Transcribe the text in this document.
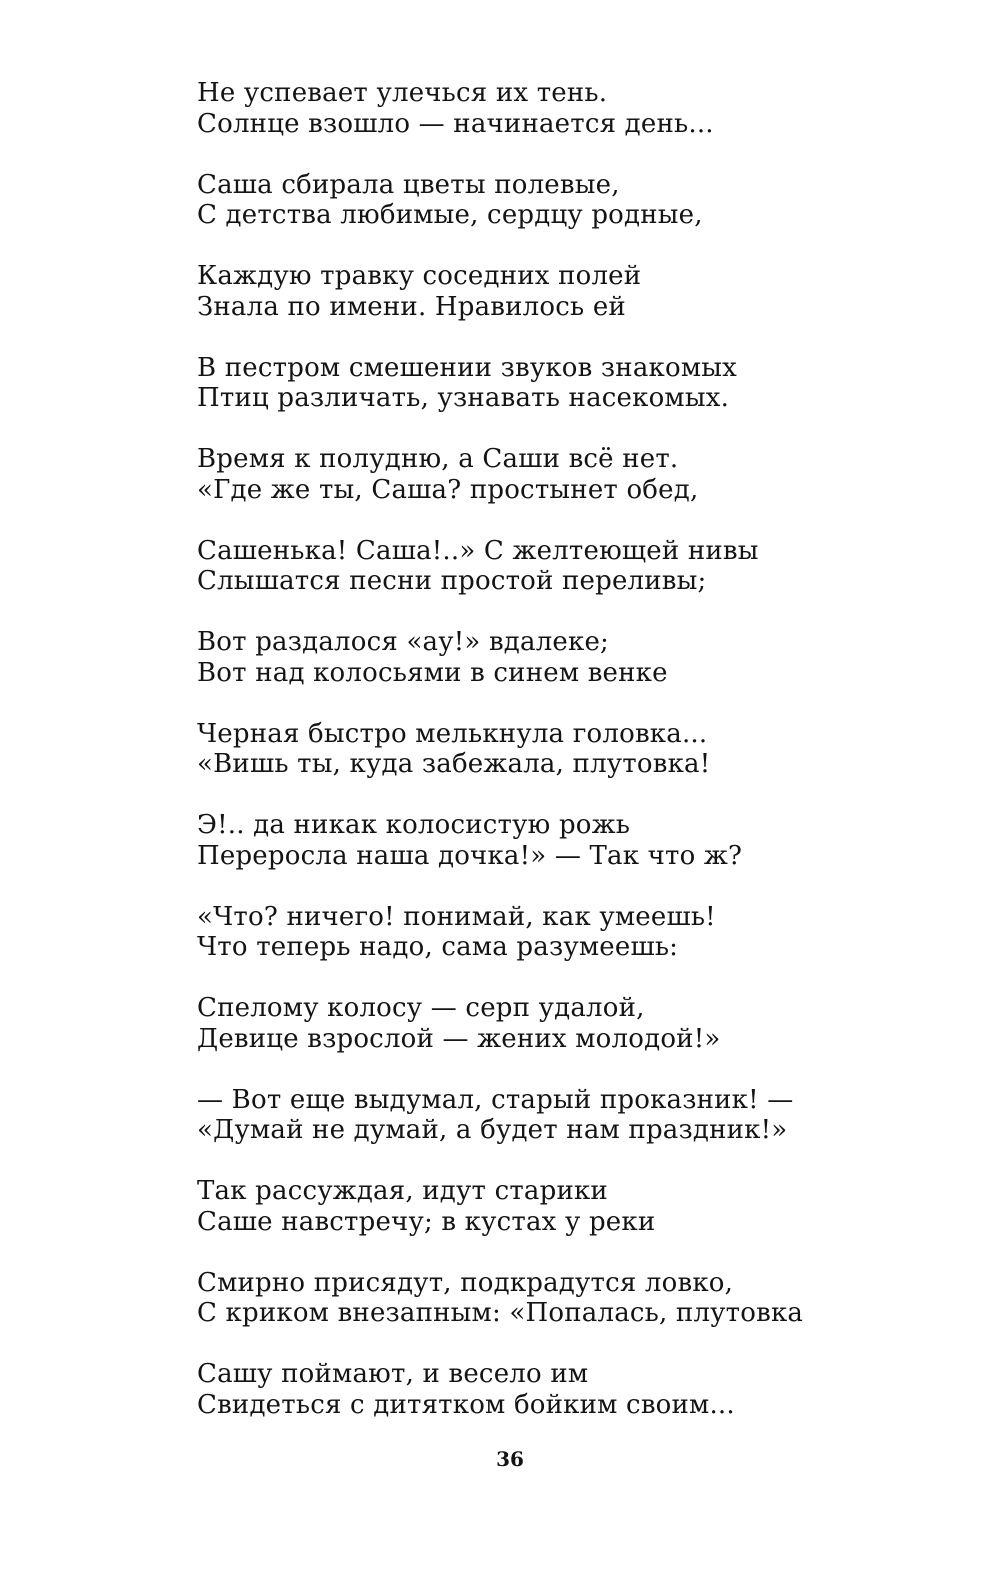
Не успевает улечься их тень.
Солнце взошло — начинается день...
Саша сбирала цветы полевые,
С детства любимые, сердцу родные,
Каждую травку соседних полей
Знала по имени. Нравилось ей
В пестром смешении звуков знакомых
Птиц различать, узнавать насекомых.
Время к полудню, а Саши всё нет.
«Где же ты, Саша? простынет обед,
Сашенька! Саша!..» С желтеющей нивы
Слышатся песни простой переливы;
Вот раздалося «ау!» вдалеке;
Вот над колосьями в синем венке
Черная быстро мелькнула головка...
«Вишь ты, куда забежала, плутовка!
Э!.. да никак колосистую рожь
Переросла наша дочка!» — Так что ж?
«Что? ничего! понимай, как умеешь!
Что теперь надо, сама разумеешь:
Спелому колосу — серп удалой,
Девице взрослой — жених молодой!»
— Вот еще выдумал, старый проказник! —
«Думай не думай, а будет нам праздник!»
Так рассуждая, идут старики
Саше навстречу; в кустах у реки
Смирно присядут, подкрадутся ловко,
С криком внезапным: «Попалась, плутовка
Сашу поймают, и весело им
Свидеться с дитятком бойким своим...
36
